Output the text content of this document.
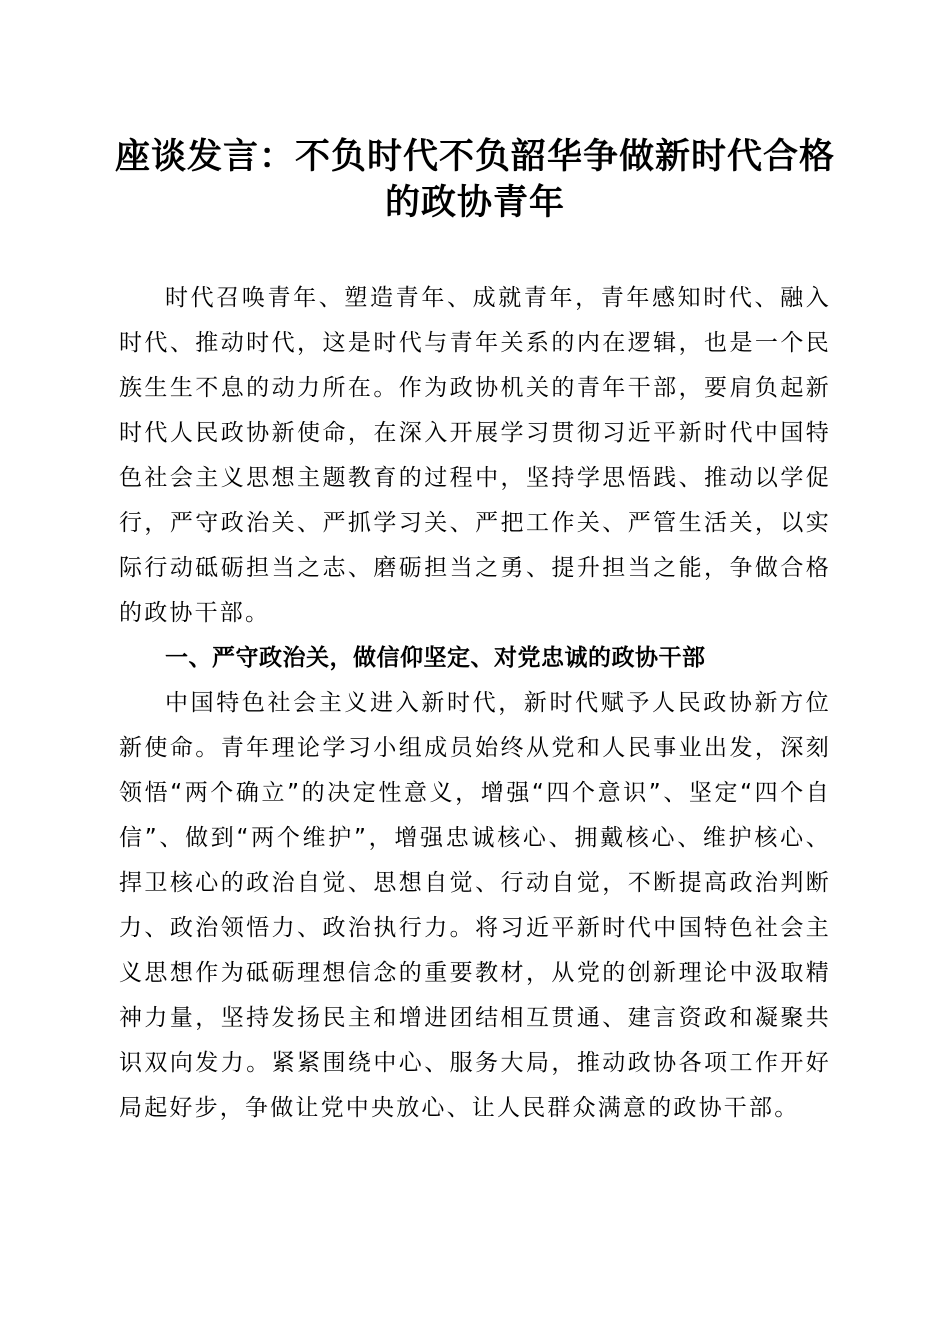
座谈发言：不负时代不负韶华争做新时代合格
的政协青年

时代召唤青年、塑造青年、成就青年，青年感知时代、融入时代、推动时代，这是时代与青年关系的内在逻辑，也是一个民族生生不息的动力所在。作为政协机关的青年干部，要肩负起新时代人民政协新使命，在深入开展学习贯彻习近平新时代中国特色社会主义思想主题教育的过程中，坚持学思悟践、推动以学促行，严守政治关、严抓学习关、严把工作关、严管生活关，以实际行动砥砺担当之志、磨砺担当之勇、提升担当之能，争做合格的政协干部。

一、严守政治关，做信仰坚定、对党忠诚的政协干部

中国特色社会主义进入新时代，新时代赋予人民政协新方位新使命。青年理论学习小组成员始终从党和人民事业出发，深刻领悟“两个确立”的决定性意义，增强“四个意识”、坚定“四个自信”、做到“两个维护”，增强忠诚核心、拥戴核心、维护核心、捍卫核心的政治自觉、思想自觉、行动自觉，不断提高政治判断力、政治领悟力、政治执行力。将习近平新时代中国特色社会主义思想作为砥砺理想信念的重要教材，从党的创新理论中汲取精神力量，坚持发扬民主和增进团结相互贯通、建言资政和凝聚共识双向发力。紧紧围绕中心、服务大局，推动政协各项工作开好局起好步，争做让党中央放心、让人民群众满意的政协干部。
